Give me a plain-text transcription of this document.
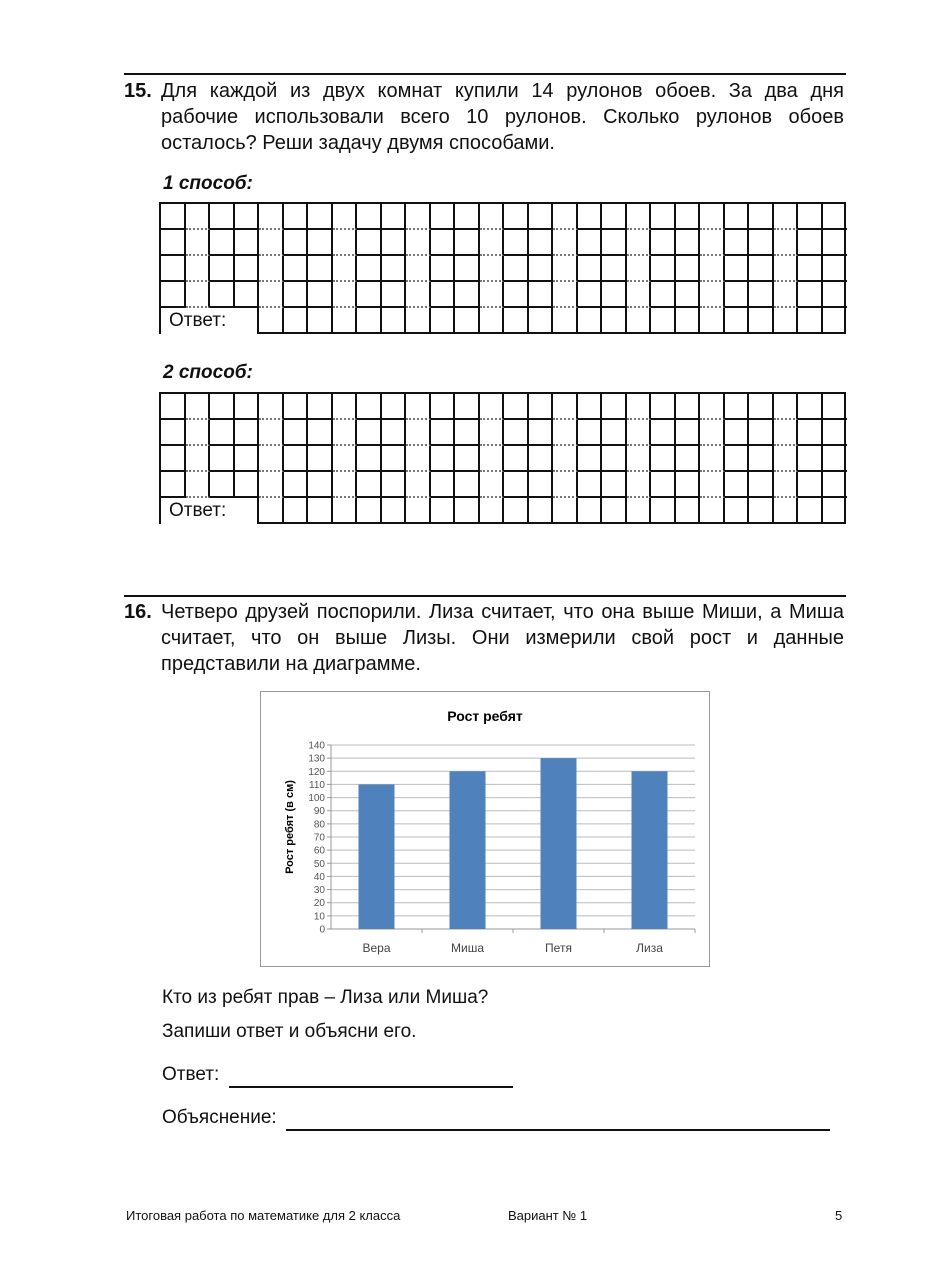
15. Для каждой из двух комнат купили 14 рулонов обоев. За два дня рабочие использовали всего 10 рулонов. Сколько рулонов обоев осталось? Реши задачу двумя способами.
1 способ:
Ответ:
2 способ:
Ответ:
16. Четверо друзей поспорили. Лиза считает, что она выше Миши, а Миша считает, что он выше Лизы. Они измерили свой рост и данные представили на диаграмме.
Рост ребят
Рост ребят (в см)
0
10
20
30
40
50
60
70
80
90
100
110
120
130
140
Вера	Миша	Петя	Лиза
Кто из ребят прав – Лиза или Миша?
Запиши ответ и объясни его.
Ответ:
Объяснение:
Итоговая работа по математике для 2 класса	Вариант № 1	5
